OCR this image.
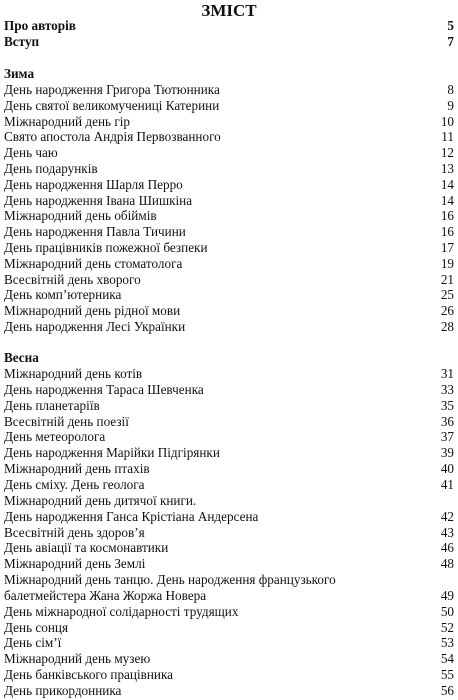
ЗМІСТ
Про авторів	5
Вступ	7
Зима
День народження Григора Тютюнника	8
День святої великомучениці Катерини	9
Міжнародний день гір	10
Свято апостола Андрія Первозванного	11
День чаю	12
День подарунків	13
День народження Шарля Перро	14
День народження Івана Шишкіна	14
Міжнародний день обіймів	16
День народження Павла Тичини	16
День працівників пожежної безпеки	17
Міжнародний день стоматолога	19
Всесвітній день хворого	21
День комп’ютерника	25
Міжнародний день рідної мови	26
День народження Лесі Українки	28
Весна
Міжнародний день котів	31
День народження Тараса Шевченка	33
День планетаріїв	35
Всесвітній день поезії	36
День метеоролога	37
День народження Марійки Підгірянки	39
Міжнародний день птахів	40
День сміху. День геолога	41
Міжнародний день дитячої книги.
День народження Ганса Крістіана Андерсена	42
Всесвітній день здоров’я	43
День авіації та космонавтики	46
Міжнародний день Землі	48
Міжнародний день танцю. День народження французького
балетмейстера Жана Жоржа Новера	49
День міжнародної солідарності трудящих	50
День сонця	52
День сім’ї	53
Міжнародний день музею	54
День банківського працівника	55
День прикордонника	56
